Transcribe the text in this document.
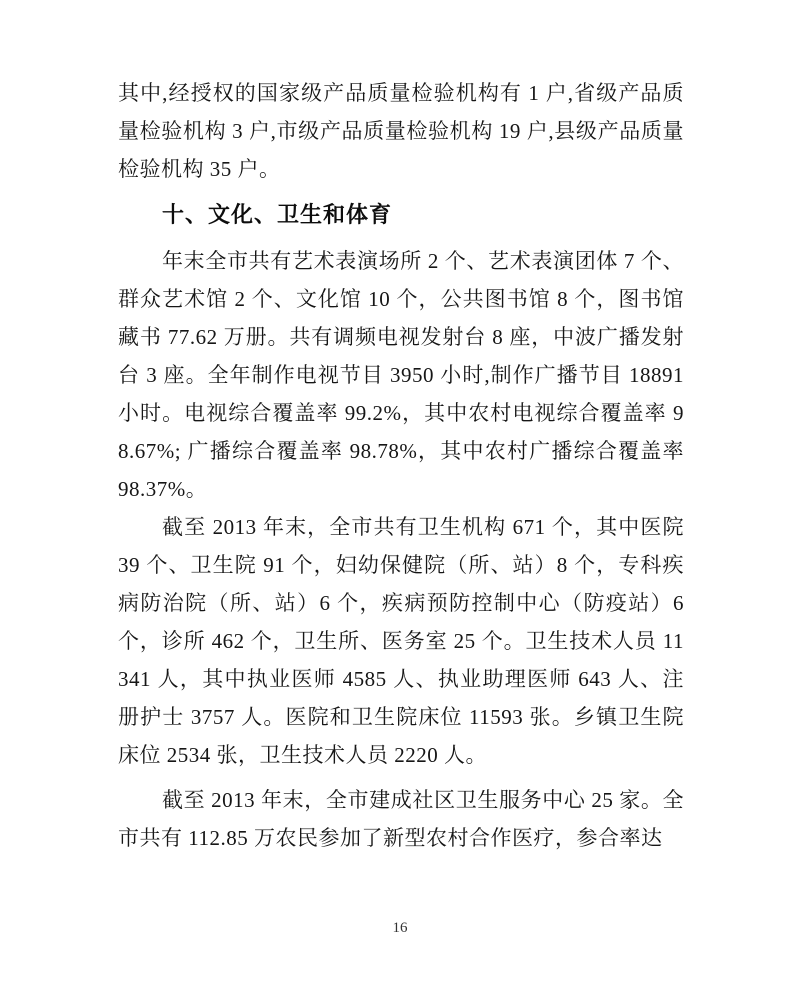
其中,经授权的国家级产品质量检验机构有 1 户,省级产品质量检验机构 3 户,市级产品质量检验机构 19 户,县级产品质量检验机构 35 户。

十、文化、卫生和体育

年末全市共有艺术表演场所 2 个、艺术表演团体 7 个、群众艺术馆 2 个、文化馆 10 个，公共图书馆 8 个，图书馆藏书 77.62 万册。共有调频电视发射台 8 座，中波广播发射台 3 座。全年制作电视节目 3950 小时,制作广播节目 18891 小时。电视综合覆盖率 99.2%，其中农村电视综合覆盖率 98.67%; 广播综合覆盖率 98.78%，其中农村广播综合覆盖率 98.37%。

截至 2013 年末，全市共有卫生机构 671 个，其中医院 39 个、卫生院 91 个，妇幼保健院（所、站）8 个，专科疾病防治院（所、站）6 个，疾病预防控制中心（防疫站）6 个，诊所 462 个，卫生所、医务室 25 个。卫生技术人员 11341 人，其中执业医师 4585 人、执业助理医师 643 人、注册护士 3757 人。医院和卫生院床位 11593 张。乡镇卫生院床位 2534 张，卫生技术人员 2220 人。

截至 2013 年末，全市建成社区卫生服务中心 25 家。全市共有 112.85 万农民参加了新型农村合作医疗，参合率达

16
